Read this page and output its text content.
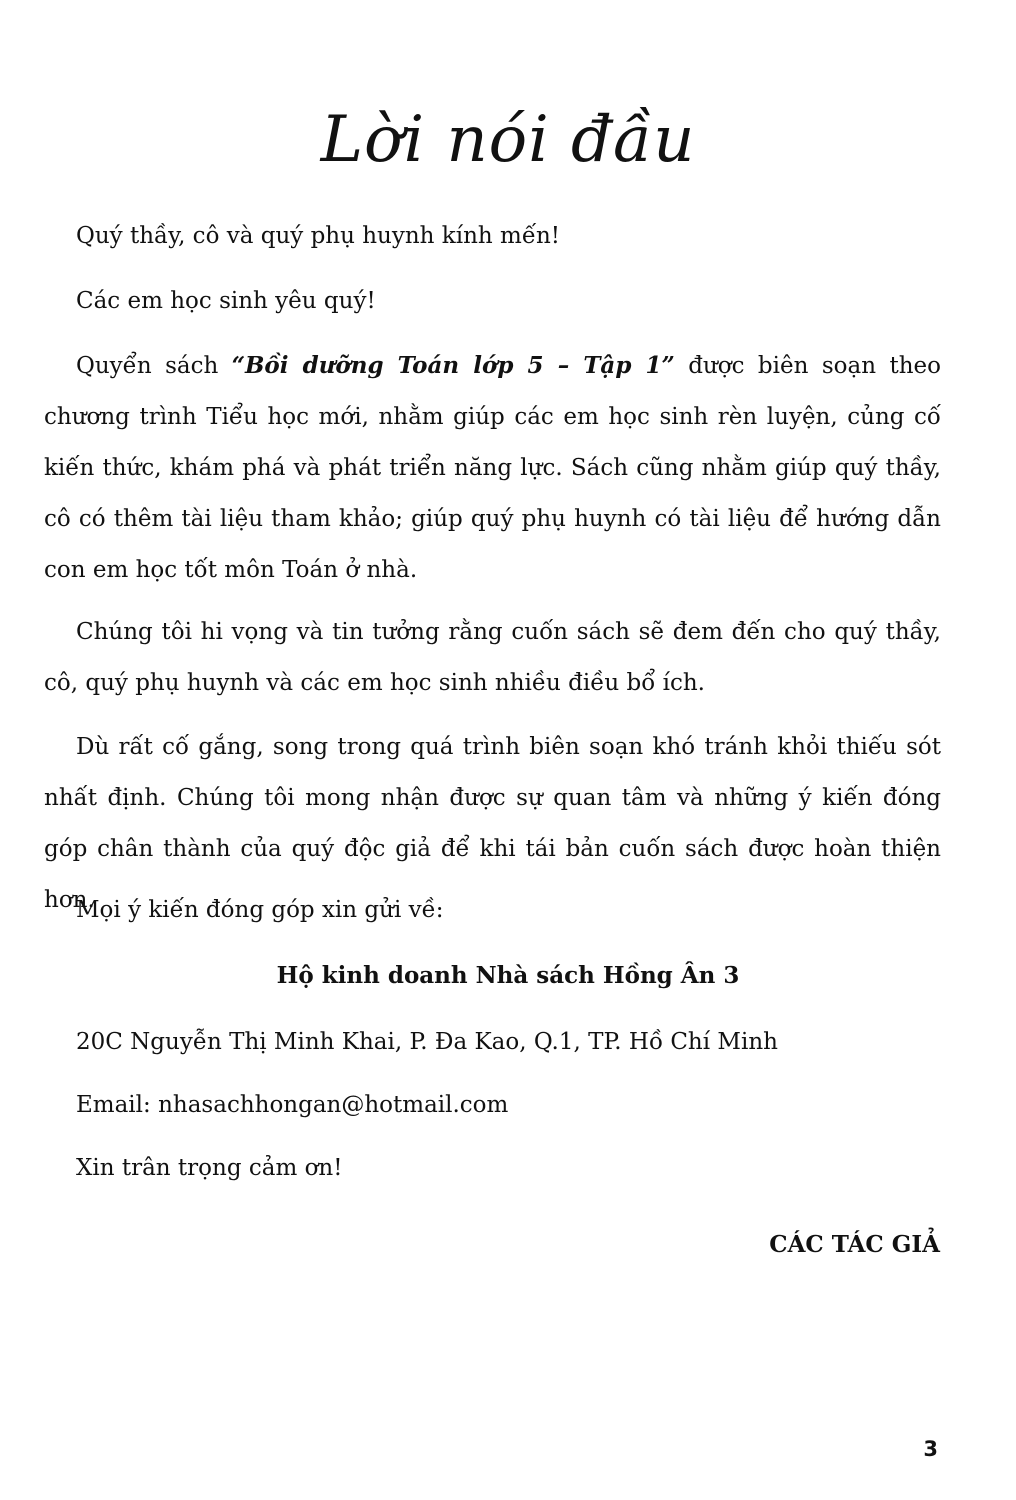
Lời nói đầu
Quý thầy, cô và quý phụ huynh kính mến!
Các em học sinh yêu quý!
Quyển sách “Bồi dưỡng Toán lớp 5 – Tập 1” được biên soạn theo chương trình Tiểu học mới, nhằm giúp các em học sinh rèn luyện, củng cố kiến thức, khám phá và phát triển năng lực. Sách cũng nhằm giúp quý thầy, cô có thêm tài liệu tham khảo; giúp quý phụ huynh có tài liệu để hướng dẫn con em học tốt môn Toán ở nhà.
Chúng tôi hi vọng và tin tưởng rằng cuốn sách sẽ đem đến cho quý thầy, cô, quý phụ huynh và các em học sinh nhiều điều bổ ích.
Dù rất cố gắng, song trong quá trình biên soạn khó tránh khỏi thiếu sót nhất định. Chúng tôi mong nhận được sự quan tâm và những ý kiến đóng góp chân thành của quý độc giả để khi tái bản cuốn sách được hoàn thiện hơn.
Mọi ý kiến đóng góp xin gửi về:
Hộ kinh doanh Nhà sách Hồng Ân 3
20C Nguyễn Thị Minh Khai, P. Đa Kao, Q.1, TP. Hồ Chí Minh
Email: nhasachhongan@hotmail.com
Xin trân trọng cảm ơn!
CÁC TÁC GIẢ
3
